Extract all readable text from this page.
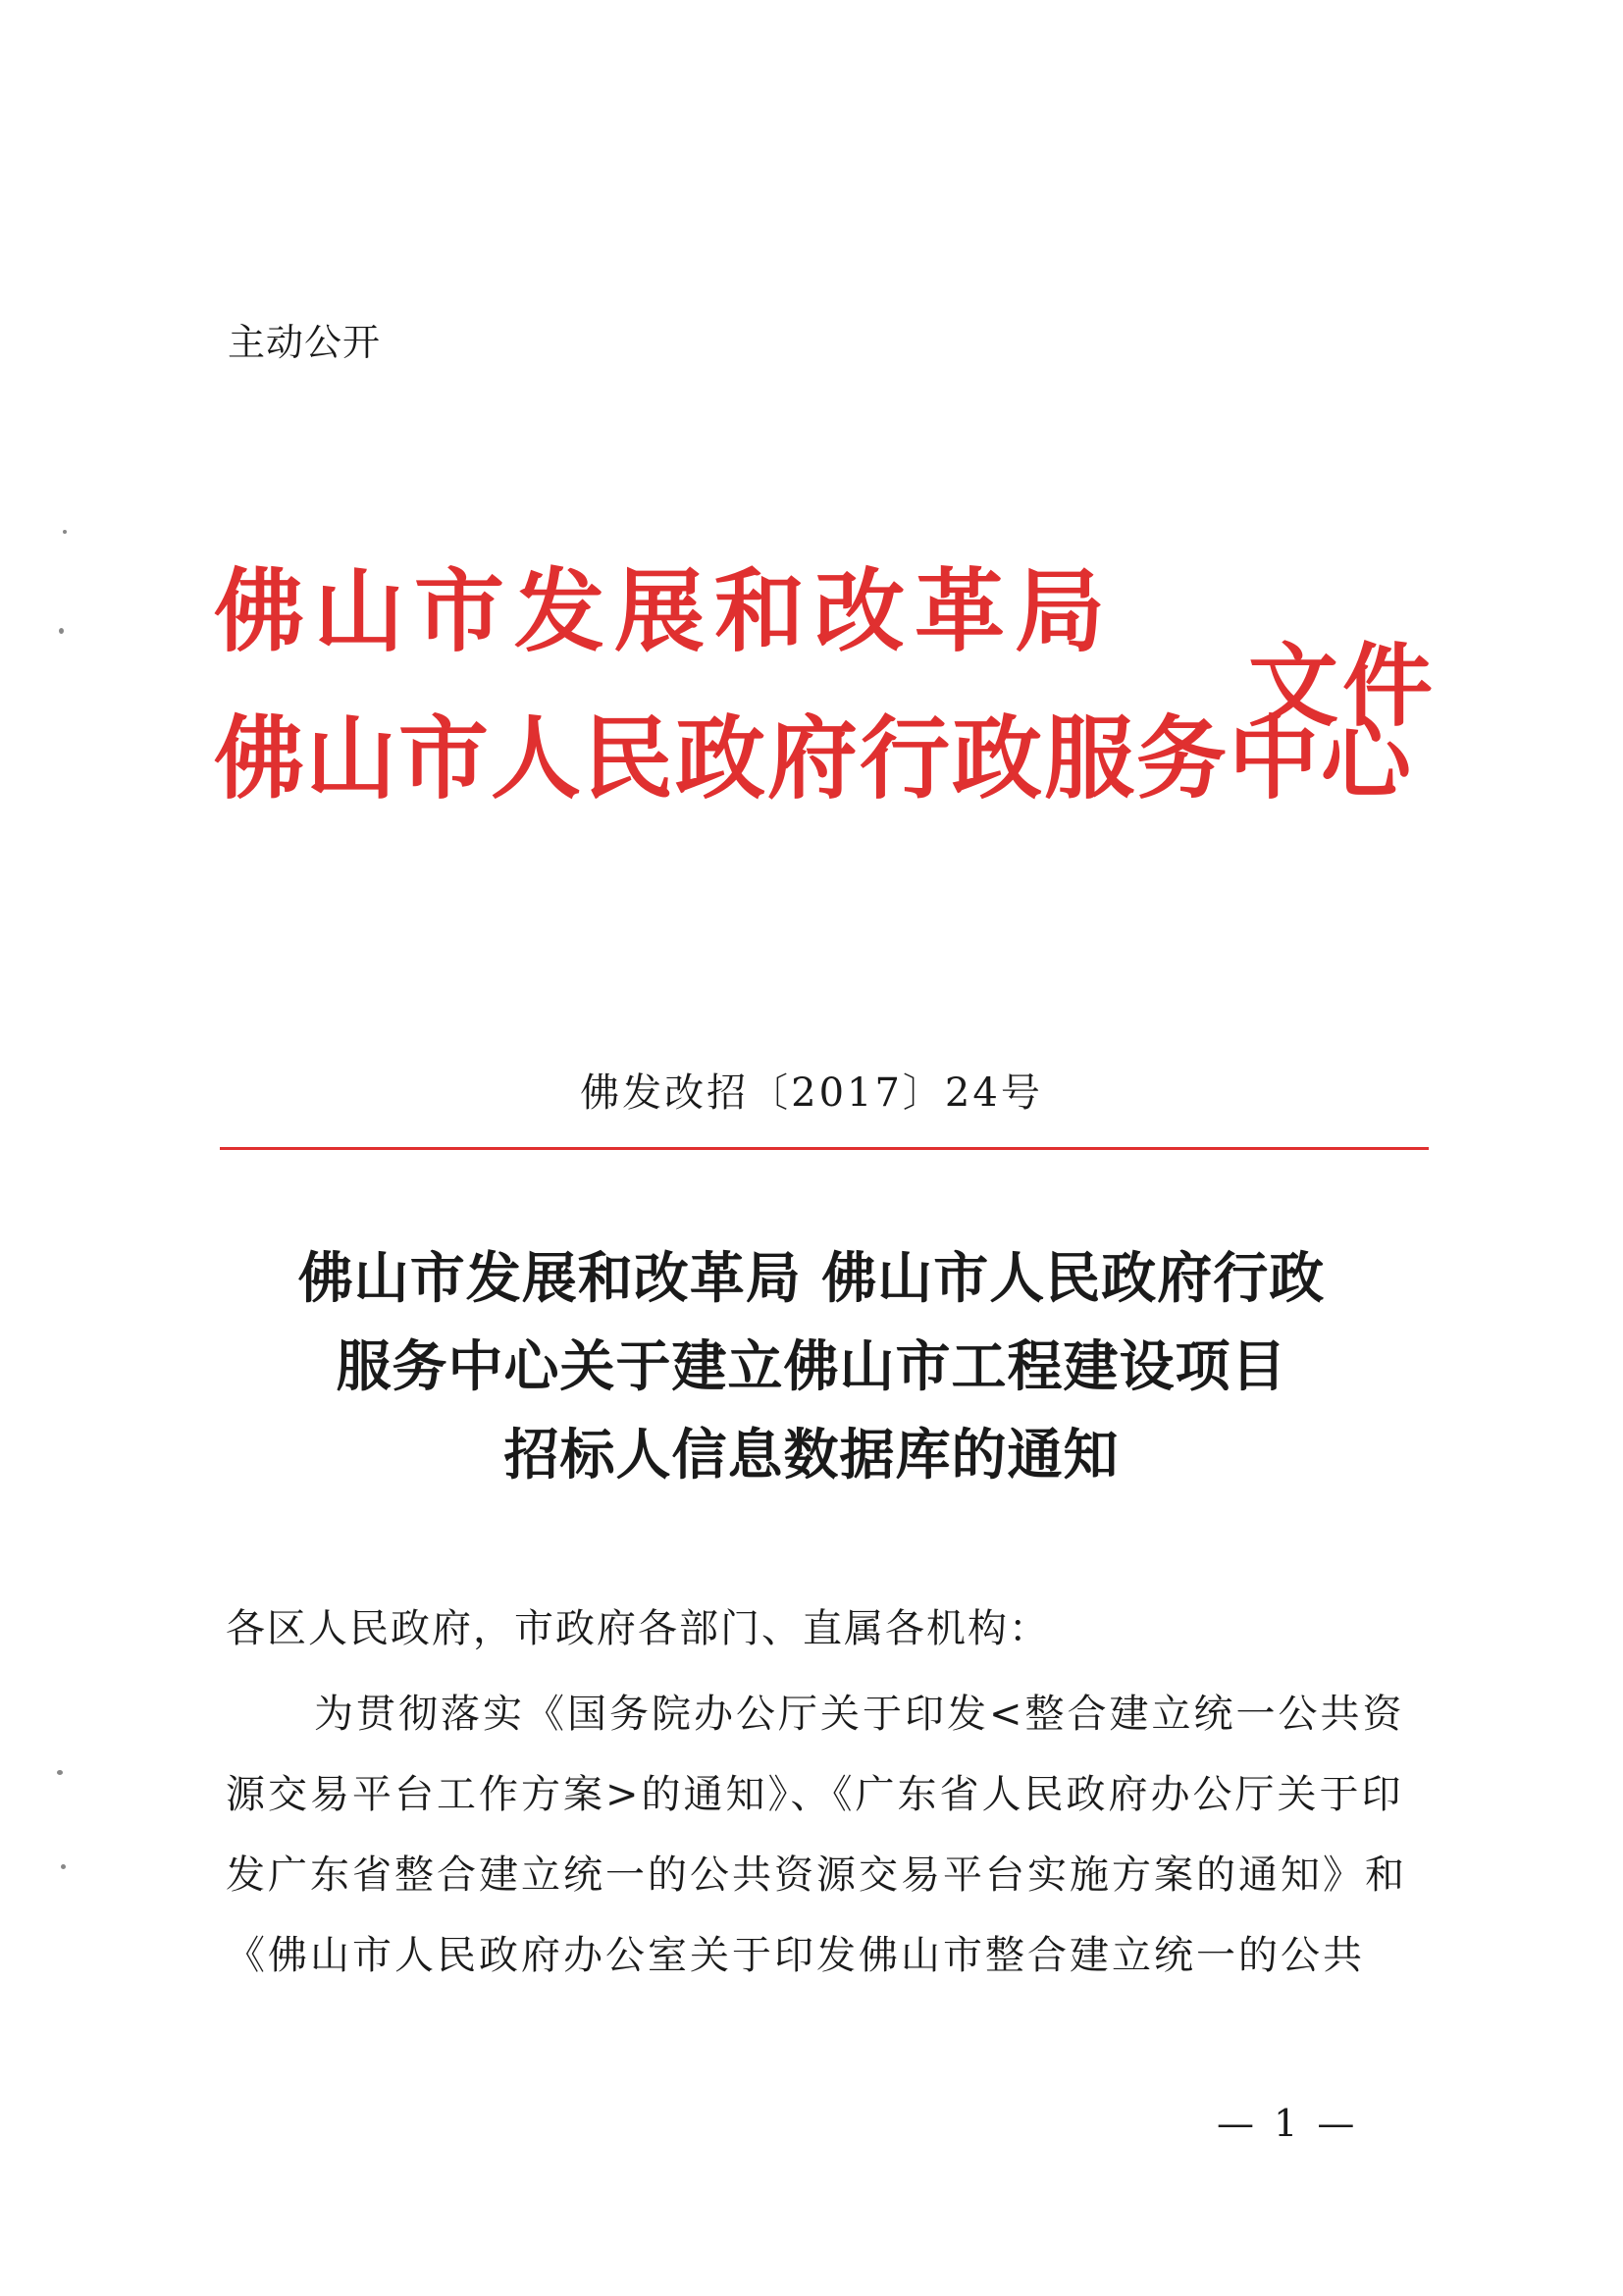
主动公开
佛山市发展和改革局
佛山市人民政府行政服务中心
文件
佛发改招〔2017〕24号
佛山市发展和改革局 佛山市人民政府行政
服务中心关于建立佛山市工程建设项目
招标人信息数据库的通知
各区人民政府，市政府各部门、直属各机构：
为贯彻落实《国务院办公厅关于印发<整合建立统一公共资
源交易平台工作方案>的通知》、《广东省人民政府办公厅关于印
发广东省整合建立统一的公共资源交易平台实施方案的通知》和
《佛山市人民政府办公室关于印发佛山市整合建立统一的公共
— 1 —
